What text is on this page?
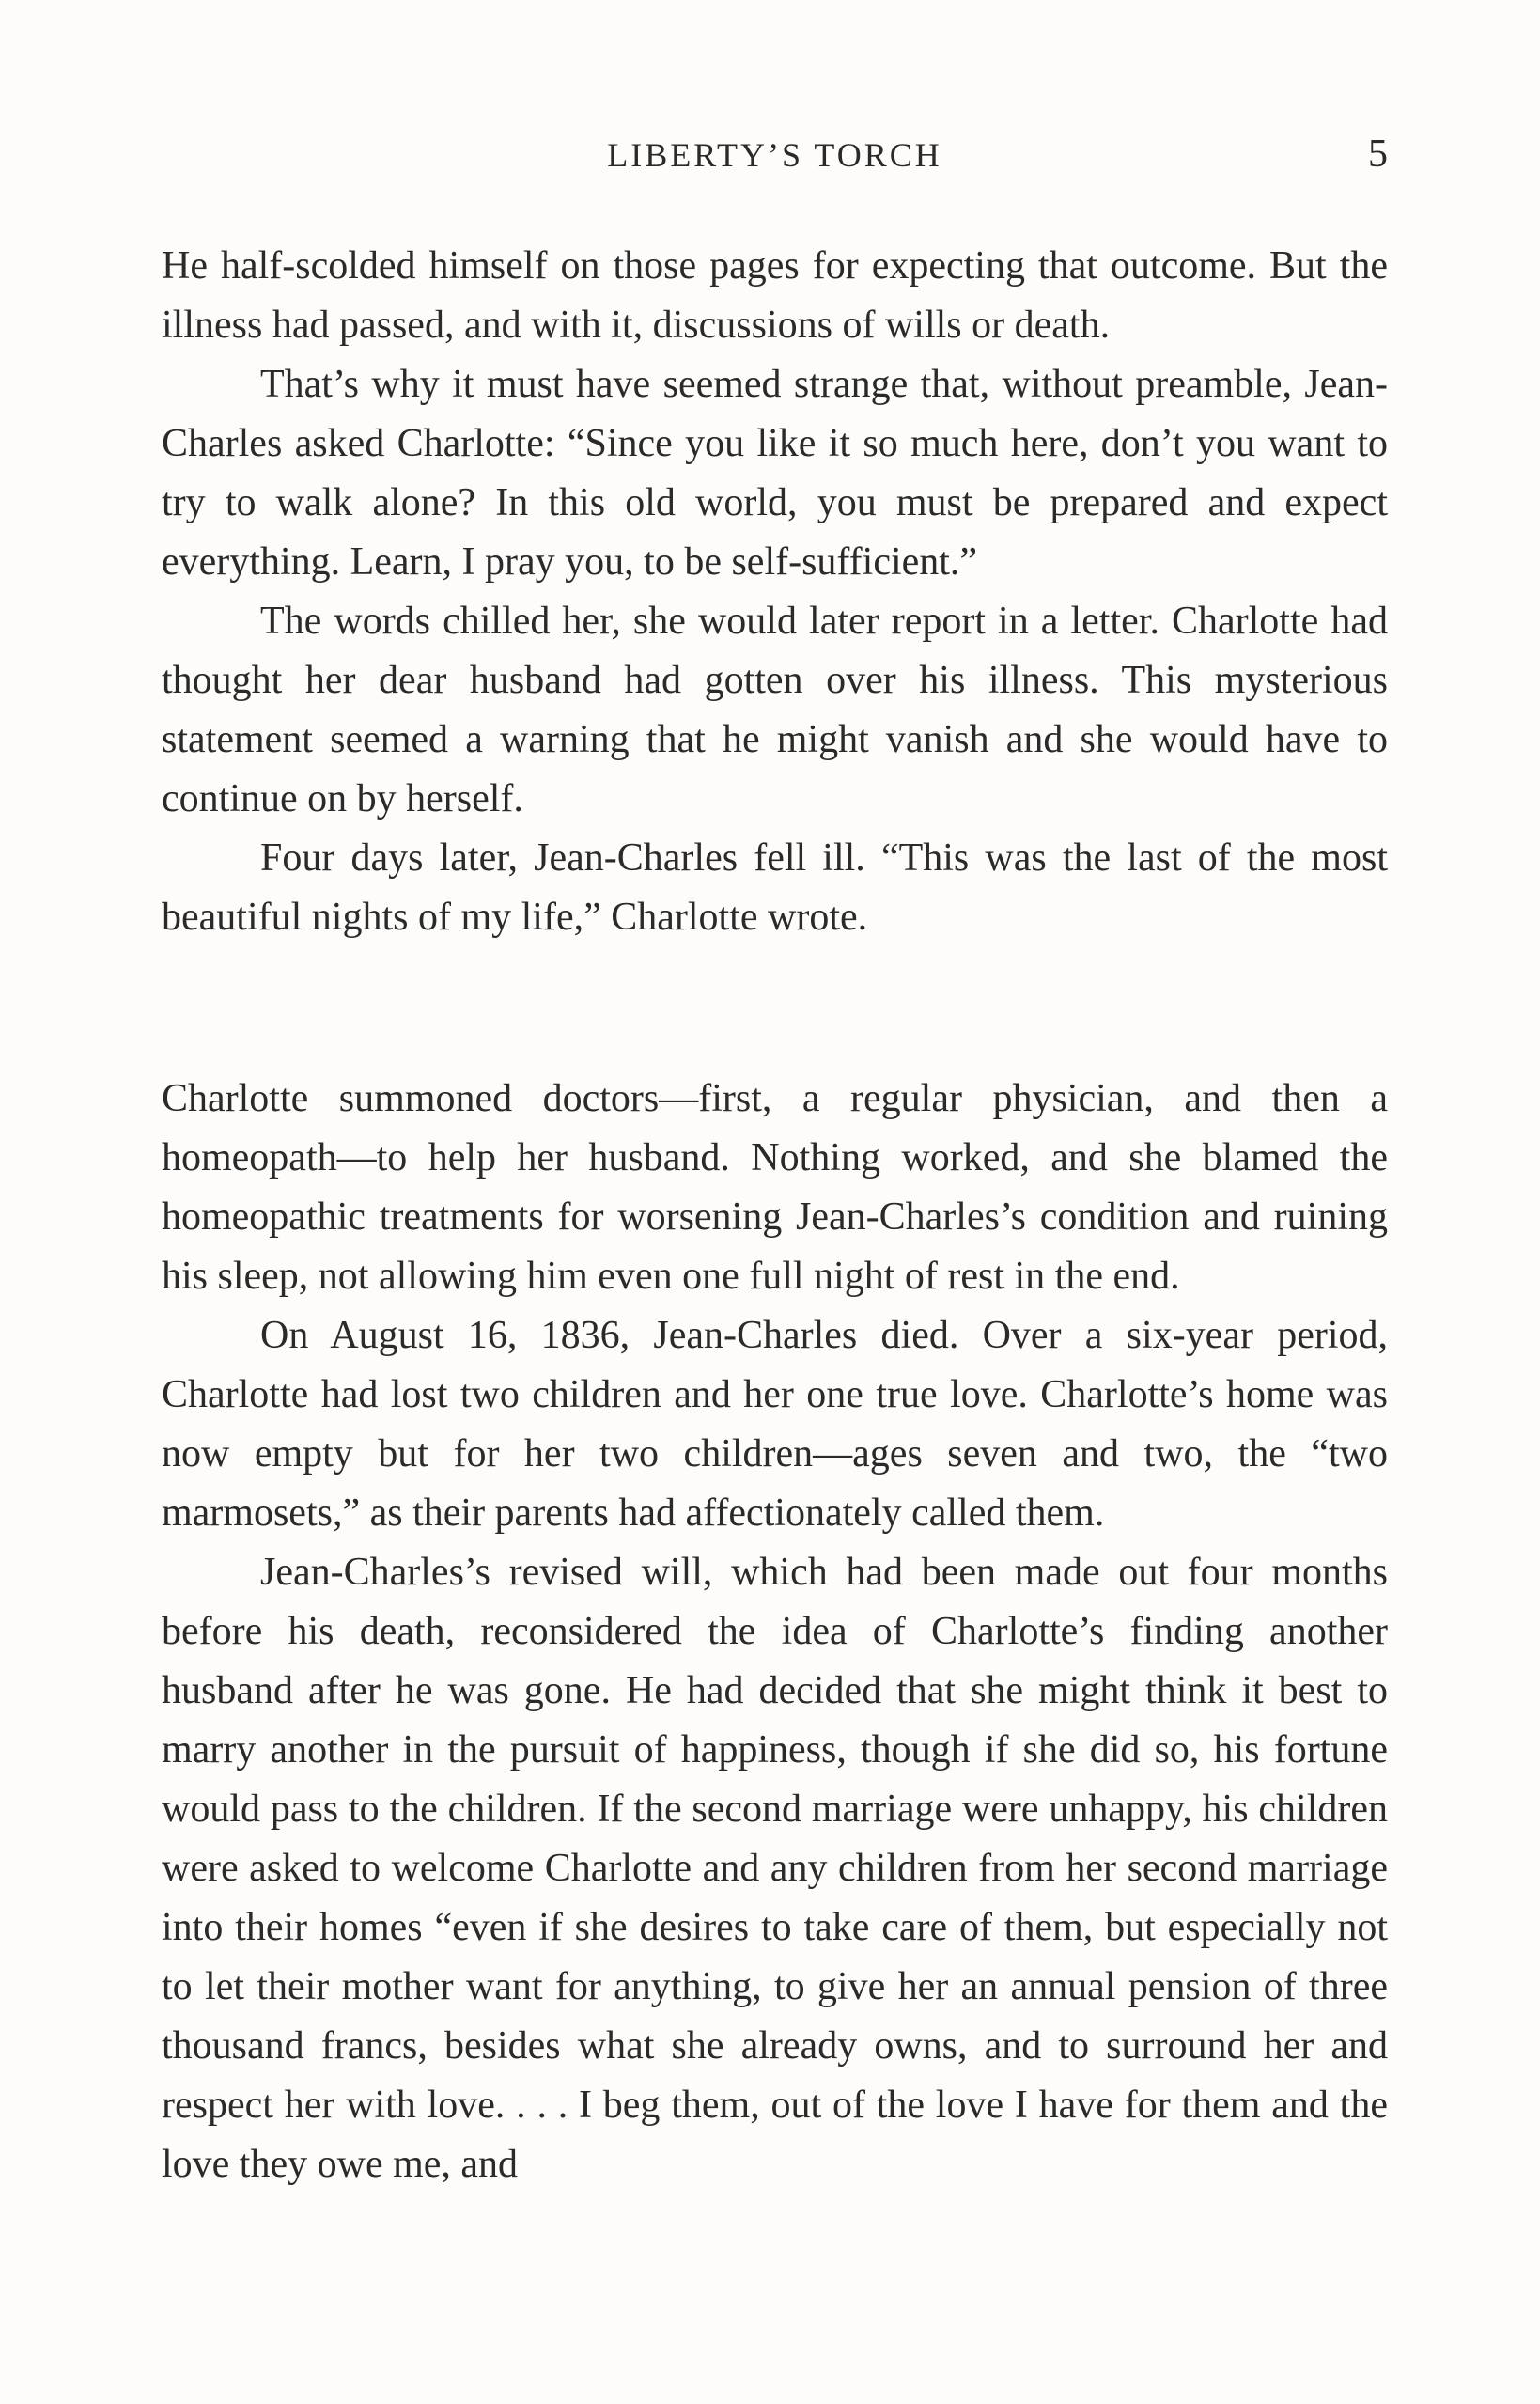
LIBERTY’S TORCH	5

He half-scolded himself on those pages for expecting that outcome. But the illness had passed, and with it, discussions of wills or death.

That’s why it must have seemed strange that, without preamble, Jean-Charles asked Charlotte: “Since you like it so much here, don’t you want to try to walk alone? In this old world, you must be prepared and expect everything. Learn, I pray you, to be self-sufficient.”

The words chilled her, she would later report in a letter. Charlotte had thought her dear husband had gotten over his illness. This mysterious statement seemed a warning that he might vanish and she would have to continue on by herself.

Four days later, Jean-Charles fell ill. “This was the last of the most beautiful nights of my life,” Charlotte wrote.

Charlotte summoned doctors—first, a regular physician, and then a homeopath—to help her husband. Nothing worked, and she blamed the homeopathic treatments for worsening Jean-Charles’s condition and ruining his sleep, not allowing him even one full night of rest in the end.

On August 16, 1836, Jean-Charles died. Over a six-year period, Charlotte had lost two children and her one true love. Charlotte’s home was now empty but for her two children—ages seven and two, the “two marmosets,” as their parents had affectionately called them.

Jean-Charles’s revised will, which had been made out four months before his death, reconsidered the idea of Charlotte’s finding another husband after he was gone. He had decided that she might think it best to marry another in the pursuit of happiness, though if she did so, his fortune would pass to the children. If the second marriage were unhappy, his children were asked to welcome Charlotte and any children from her second marriage into their homes “even if she desires to take care of them, but especially not to let their mother want for anything, to give her an annual pension of three thousand francs, besides what she already owns, and to surround her and respect her with love. . . . I beg them, out of the love I have for them and the love they owe me, and
